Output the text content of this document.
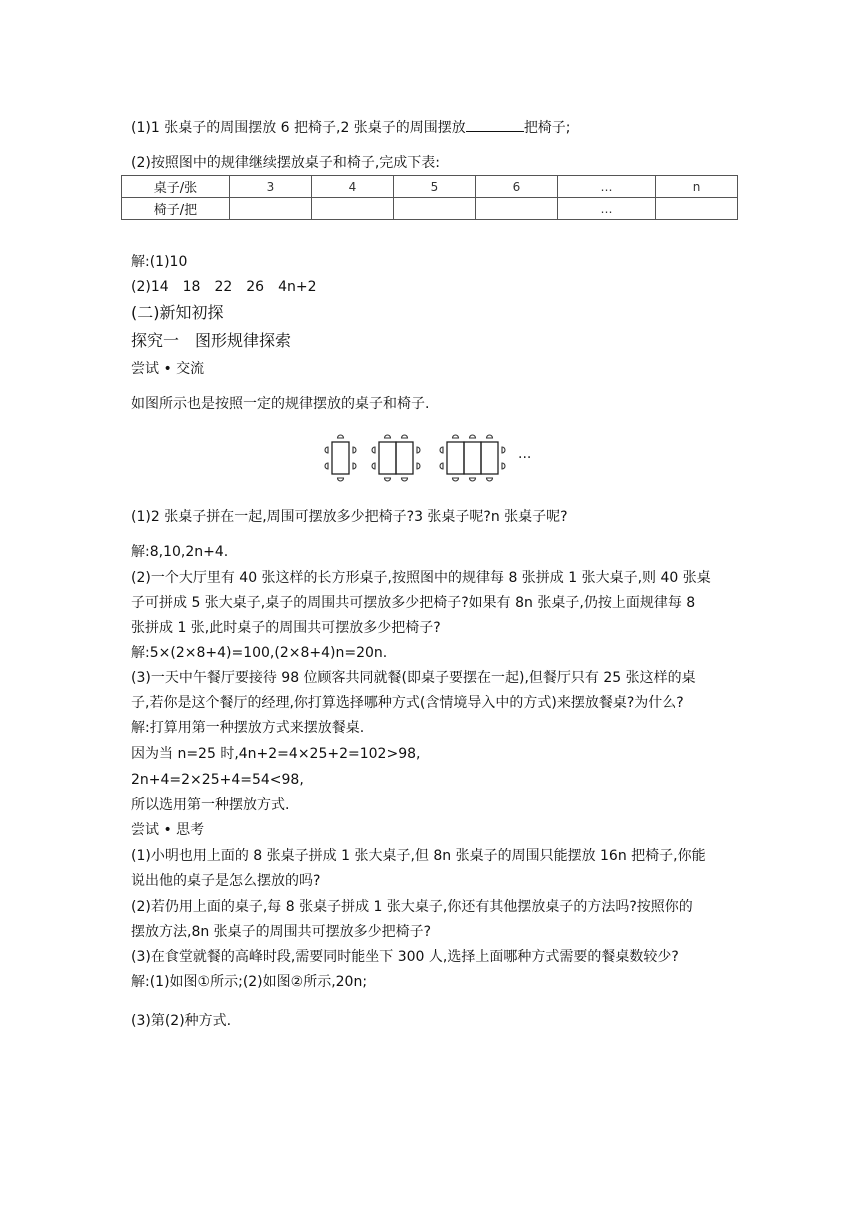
(1)1 张桌子的周围摆放 6 把椅子,2 张桌子的周围摆放	把椅子;
(2)按照图中的规律继续摆放桌子和椅子,完成下表:
桌子/张	3	4	5	6	…	n
椅子/把					…	
解:(1)10
(2)14　18　22　26　4n+2
(二)新知初探
探究一　图形规律探索
尝试 • 交流
如图所示也是按照一定的规律摆放的桌子和椅子.
···
(1)2 张桌子拼在一起,周围可摆放多少把椅子?3 张桌子呢?n 张桌子呢?
解:8,10,2n+4.
(2)一个大厅里有 40 张这样的长方形桌子,按照图中的规律每 8 张拼成 1 张大桌子,则 40 张桌
子可拼成 5 张大桌子,桌子的周围共可摆放多少把椅子?如果有 8n 张桌子,仍按上面规律每 8
张拼成 1 张,此时桌子的周围共可摆放多少把椅子?
解:5×(2×8+4)=100,(2×8+4)n=20n.
(3)一天中午餐厅要接待 98 位顾客共同就餐(即桌子要摆在一起),但餐厅只有 25 张这样的桌
子,若你是这个餐厅的经理,你打算选择哪种方式(含情境导入中的方式)来摆放餐桌?为什么?
解:打算用第一种摆放方式来摆放餐桌.
因为当 n=25 时,4n+2=4×25+2=102>98,
2n+4=2×25+4=54<98,
所以选用第一种摆放方式.
尝试 • 思考
(1)小明也用上面的 8 张桌子拼成 1 张大桌子,但 8n 张桌子的周围只能摆放 16n 把椅子,你能
说出他的桌子是怎么摆放的吗?
(2)若仍用上面的桌子,每 8 张桌子拼成 1 张大桌子,你还有其他摆放桌子的方法吗?按照你的
摆放方法,8n 张桌子的周围共可摆放多少把椅子?
(3)在食堂就餐的高峰时段,需要同时能坐下 300 人,选择上面哪种方式需要的餐桌数较少?
解:(1)如图①所示;(2)如图②所示,20n;
(3)第(2)种方式.
